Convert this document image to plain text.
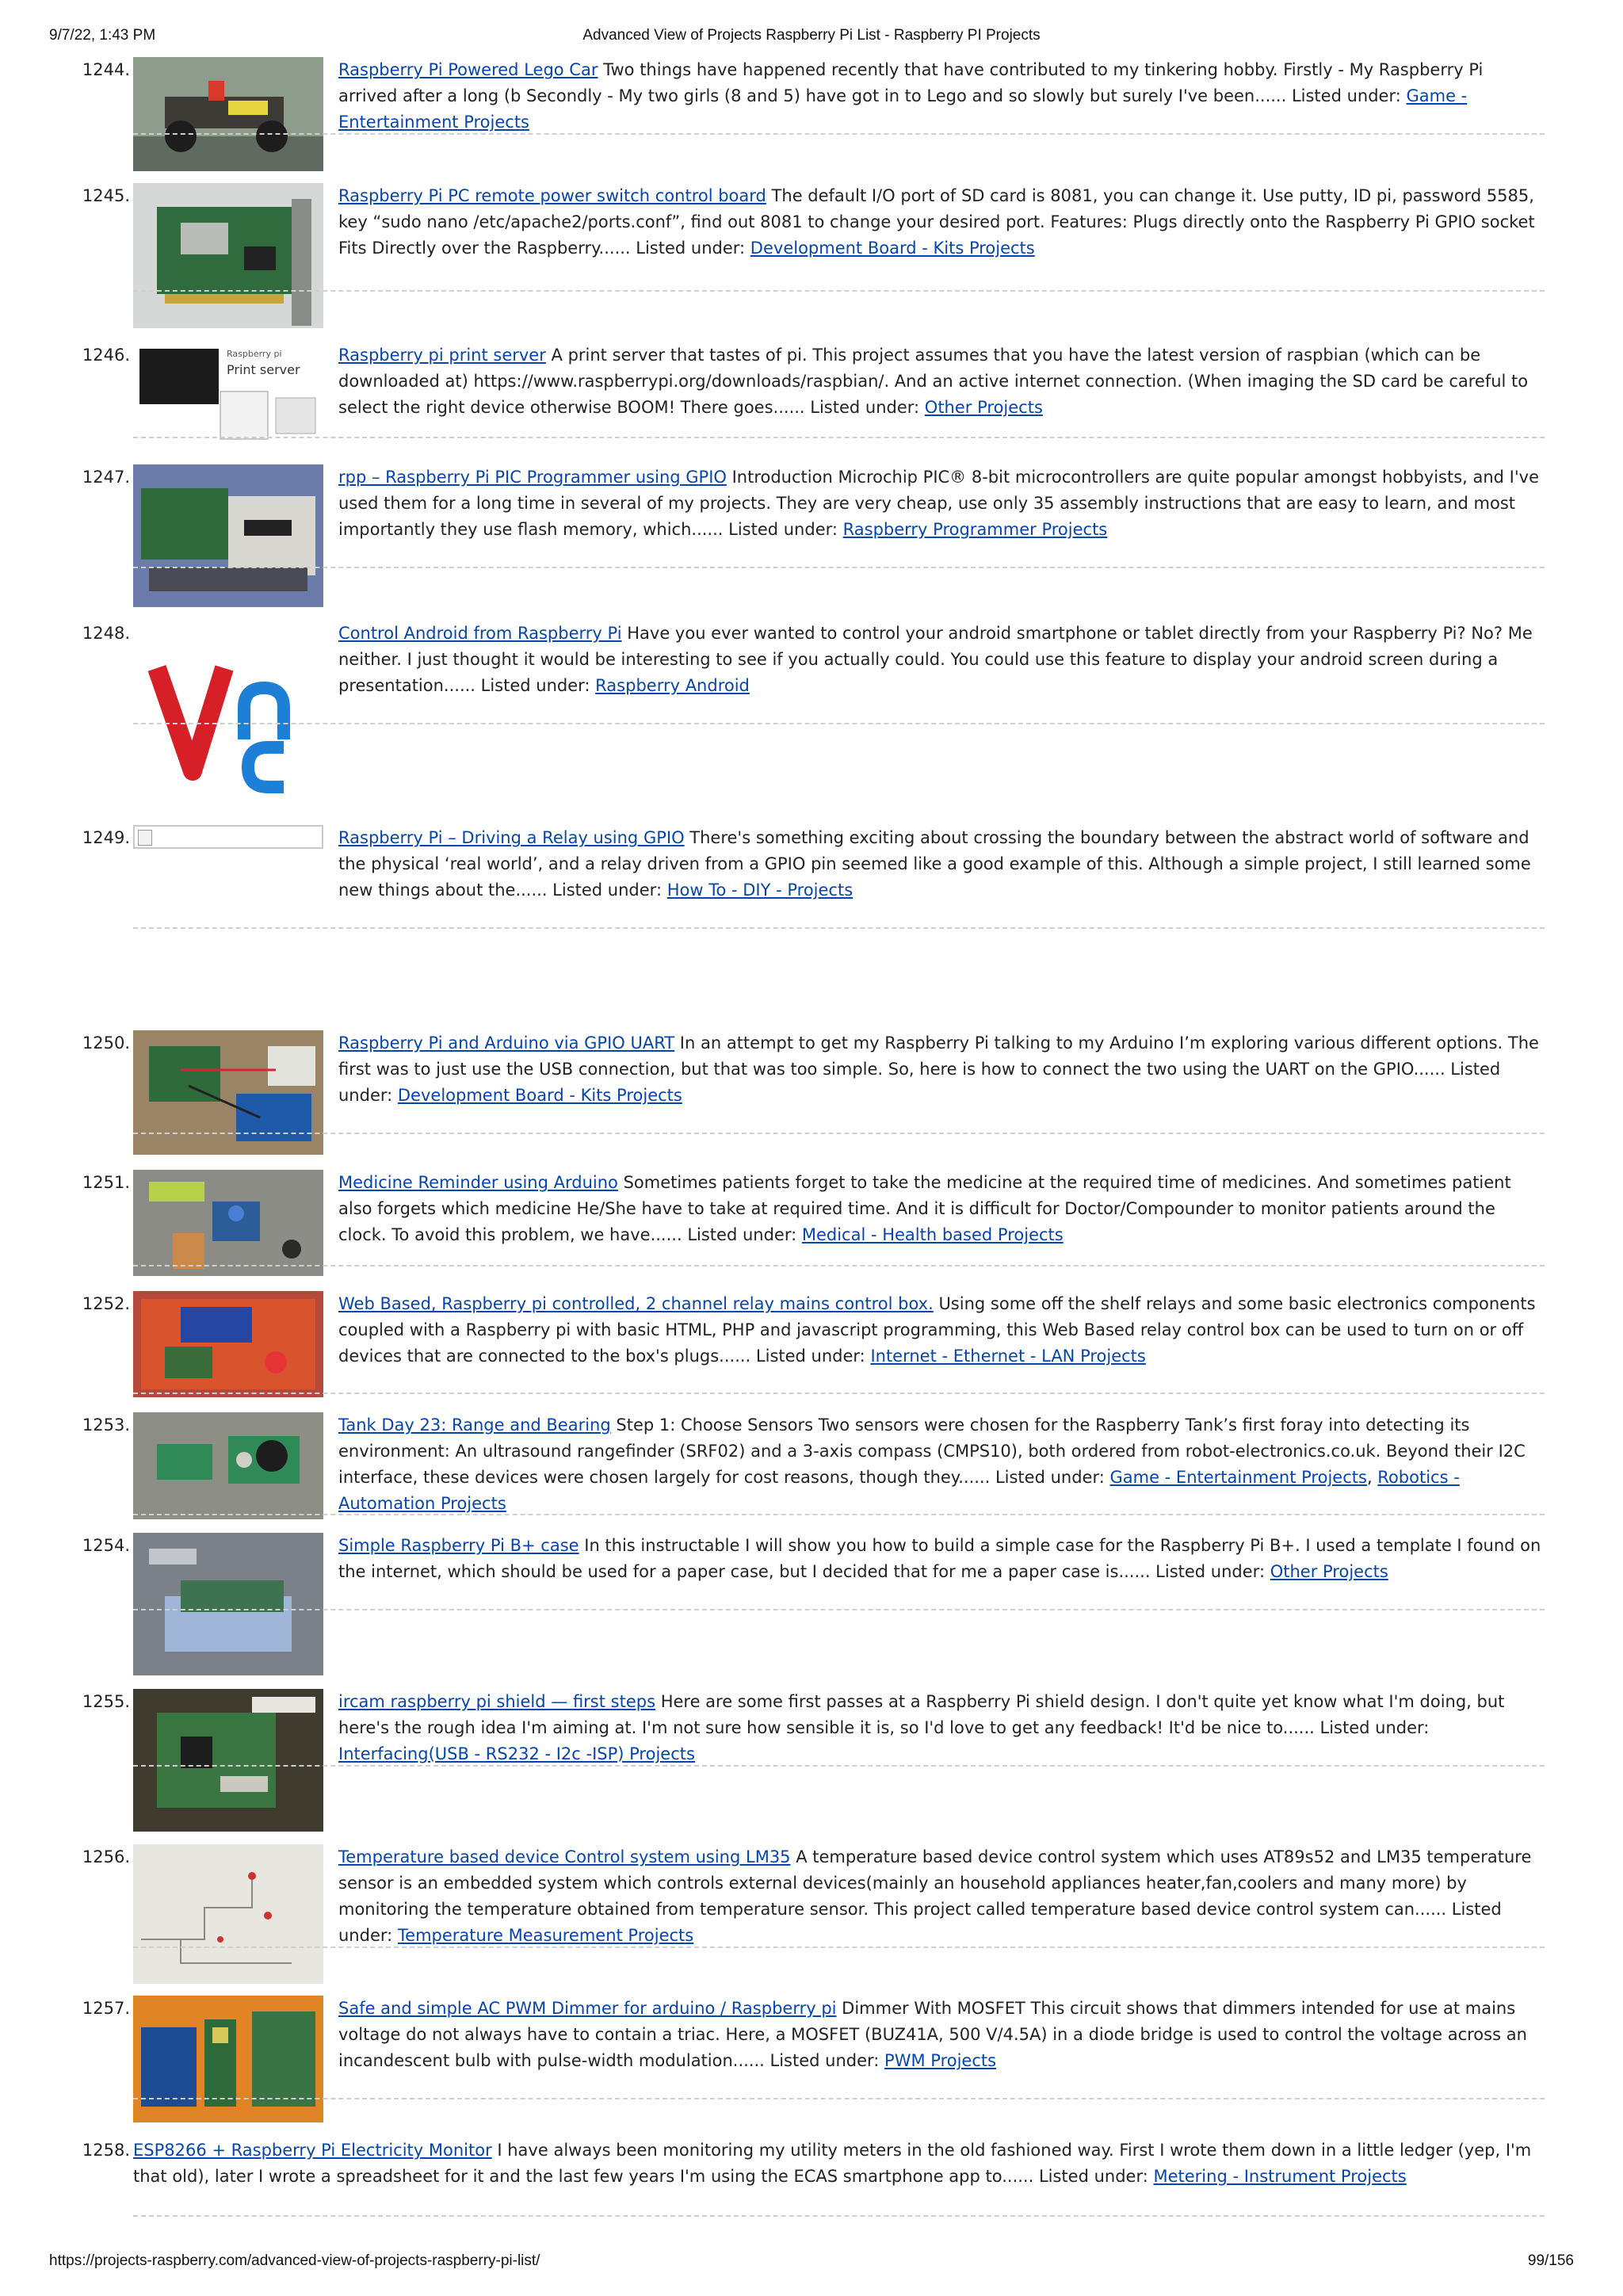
9/7/22, 1:43 PM	Advanced View of Projects Raspberry Pi List - Raspberry PI Projects
1244.	Raspberry Pi Powered Lego Car Two things have happened recently that have contributed to my tinkering hobby. Firstly - My Raspberry Pi arrived after a long (b Secondly - My two girls (8 and 5) have got in to Lego and so slowly but surely I've been...... Listed under: Game - Entertainment Projects
1245.	Raspberry Pi PC remote power switch control board The default I/O port of SD card is 8081, you can change it. Use putty, ID pi, password 5585, key “sudo nano /etc/apache2/ports.conf”, find out 8081 to change your desired port. Features: Plugs directly onto the Raspberry Pi GPIO socket Fits Directly over the Raspberry...... Listed under: Development Board - Kits Projects
1246.	Raspberry pi
Print server
Raspberry pi print server A print server that tastes of pi. This project assumes that you have the latest version of raspbian (which can be downloaded at) https://www.raspberrypi.org/downloads/raspbian/. And an active internet connection. (When imaging the SD card be careful to select the right device otherwise BOOM! There goes...... Listed under: Other Projects
1247.	rpp – Raspberry Pi PIC Programmer using GPIO Introduction Microchip PIC® 8-bit microcontrollers are quite popular amongst hobbyists, and I've used them for a long time in several of my projects. They are very cheap, use only 35 assembly instructions that are easy to learn, and most importantly they use flash memory, which...... Listed under: Raspberry Programmer Projects
1248.	Control Android from Raspberry Pi Have you ever wanted to control your android smartphone or tablet directly from your Raspberry Pi? No? Me neither. I just thought it would be interesting to see if you actually could. You could use this feature to display your android screen during a presentation...... Listed under: Raspberry Android
1249.	Raspberry Pi – Driving a Relay using GPIO There's something exciting about crossing the boundary between the abstract world of software and the physical ‘real world’, and a relay driven from a GPIO pin seemed like a good example of this. Although a simple project, I still learned some new things about the...... Listed under: How To - DIY - Projects
1250.	Raspberry Pi and Arduino via GPIO UART In an attempt to get my Raspberry Pi talking to my Arduino I’m exploring various different options. The first was to just use the USB connection, but that was too simple. So, here is how to connect the two using the UART on the GPIO...... Listed under: Development Board - Kits Projects
1251.	Medicine Reminder using Arduino Sometimes patients forget to take the medicine at the required time of medicines. And sometimes patient also forgets which medicine He/She have to take at required time. And it is difficult for Doctor/Compounder to monitor patients around the clock. To avoid this problem, we have...... Listed under: Medical - Health based Projects
1252.	Web Based, Raspberry pi controlled, 2 channel relay mains control box. Using some off the shelf relays and some basic electronics components coupled with a Raspberry pi with basic HTML, PHP and javascript programming, this Web Based relay control box can be used to turn on or off devices that are connected to the box's plugs...... Listed under: Internet - Ethernet - LAN Projects
1253.	Tank Day 23: Range and Bearing Step 1: Choose Sensors Two sensors were chosen for the Raspberry Tank’s first foray into detecting its environment: An ultrasound rangefinder (SRF02) and a 3-axis compass (CMPS10), both ordered from robot-electronics.co.uk. Beyond their I2C interface, these devices were chosen largely for cost reasons, though they...... Listed under: Game - Entertainment Projects, Robotics - Automation Projects
1254.	Simple Raspberry Pi B+ case In this instructable I will show you how to build a simple case for the Raspberry Pi B+. I used a template I found on the internet, which should be used for a paper case, but I decided that for me a paper case is...... Listed under: Other Projects
1255.	ircam raspberry pi shield — first steps Here are some first passes at a Raspberry Pi shield design. I don't quite yet know what I'm doing, but here's the rough idea I'm aiming at. I'm not sure how sensible it is, so I'd love to get any feedback! It'd be nice to...... Listed under: Interfacing(USB - RS232 - I2c -ISP) Projects
1256.	Temperature based device Control system using LM35 A temperature based device control system which uses AT89s52 and LM35 temperature sensor is an embedded system which controls external devices(mainly an household appliances heater,fan,coolers and many more) by monitoring the temperature obtained from temperature sensor. This project called temperature based device control system can...... Listed under: Temperature Measurement Projects
1257.	Safe and simple AC PWM Dimmer for arduino / Raspberry pi Dimmer With MOSFET This circuit shows that dimmers intended for use at mains voltage do not always have to contain a triac. Here, a MOSFET (BUZ41A, 500 V/4.5A) in a diode bridge is used to control the voltage across an incandescent bulb with pulse-width modulation...... Listed under: PWM Projects
1258. ESP8266 + Raspberry Pi Electricity Monitor I have always been monitoring my utility meters in the old fashioned way. First I wrote them down in a little ledger (yep, I'm that old), later I wrote a spreadsheet for it and the last few years I'm using the ECAS smartphone app to...... Listed under: Metering - Instrument Projects
https://projects-raspberry.com/advanced-view-of-projects-raspberry-pi-list/	99/156
